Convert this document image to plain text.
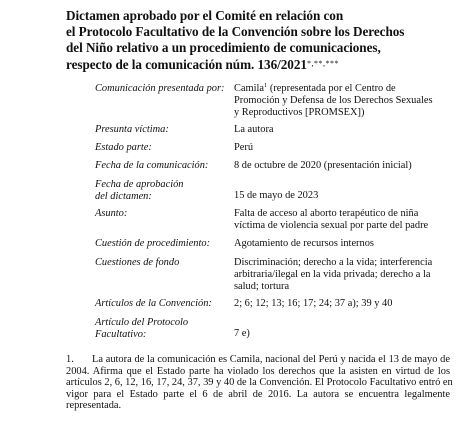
Dictamen aprobado por el Comité en relación con
el Protocolo Facultativo de la Convención sobre los Derechos
del Niño relativo a un procedimiento de comunicaciones,
respecto de la comunicación núm. 136/2021*,**,***
Comunicación presentada por: Camila$^1$ (representada por el Centro de
Promoción y Defensa de los Derechos Sexuales
y Reproductivos [PROMSEX])
Presunta víctima:	La autora
Estado parte:	Perú
Fecha de la comunicación:	8 de octubre de 2020 (presentación inicial)
Fecha de aprobación
del dictamen:	15 de mayo de 2023
Asunto:	Falta de acceso al aborto terapéutico de niña
víctima de violencia sexual por parte del padre
Cuestión de procedimiento:	Agotamiento de recursos internos
Cuestiones de fondo	Discriminación; derecho a la vida; interferencia
arbitraria/ilegal en la vida privada; derecho a la
salud; tortura
Artículos de la Convención:	2; 6; 12; 13; 16; 17; 24; 37 a); 39 y 40
Artículo del Protocolo
Facultativo:	7 e)
1. La autora de la comunicación es Camila, nacional del Perú y nacida el 13 de mayo de
2004. Afirma que el Estado parte ha violado los derechos que la asisten en virtud de los
artículos 2, 6, 12, 16, 17, 24, 37, 39 y 40 de la Convención. El Protocolo Facultativo entró en
vigor para el Estado parte el 6 de abril de 2016. La autora se encuentra legalmente
representada.
